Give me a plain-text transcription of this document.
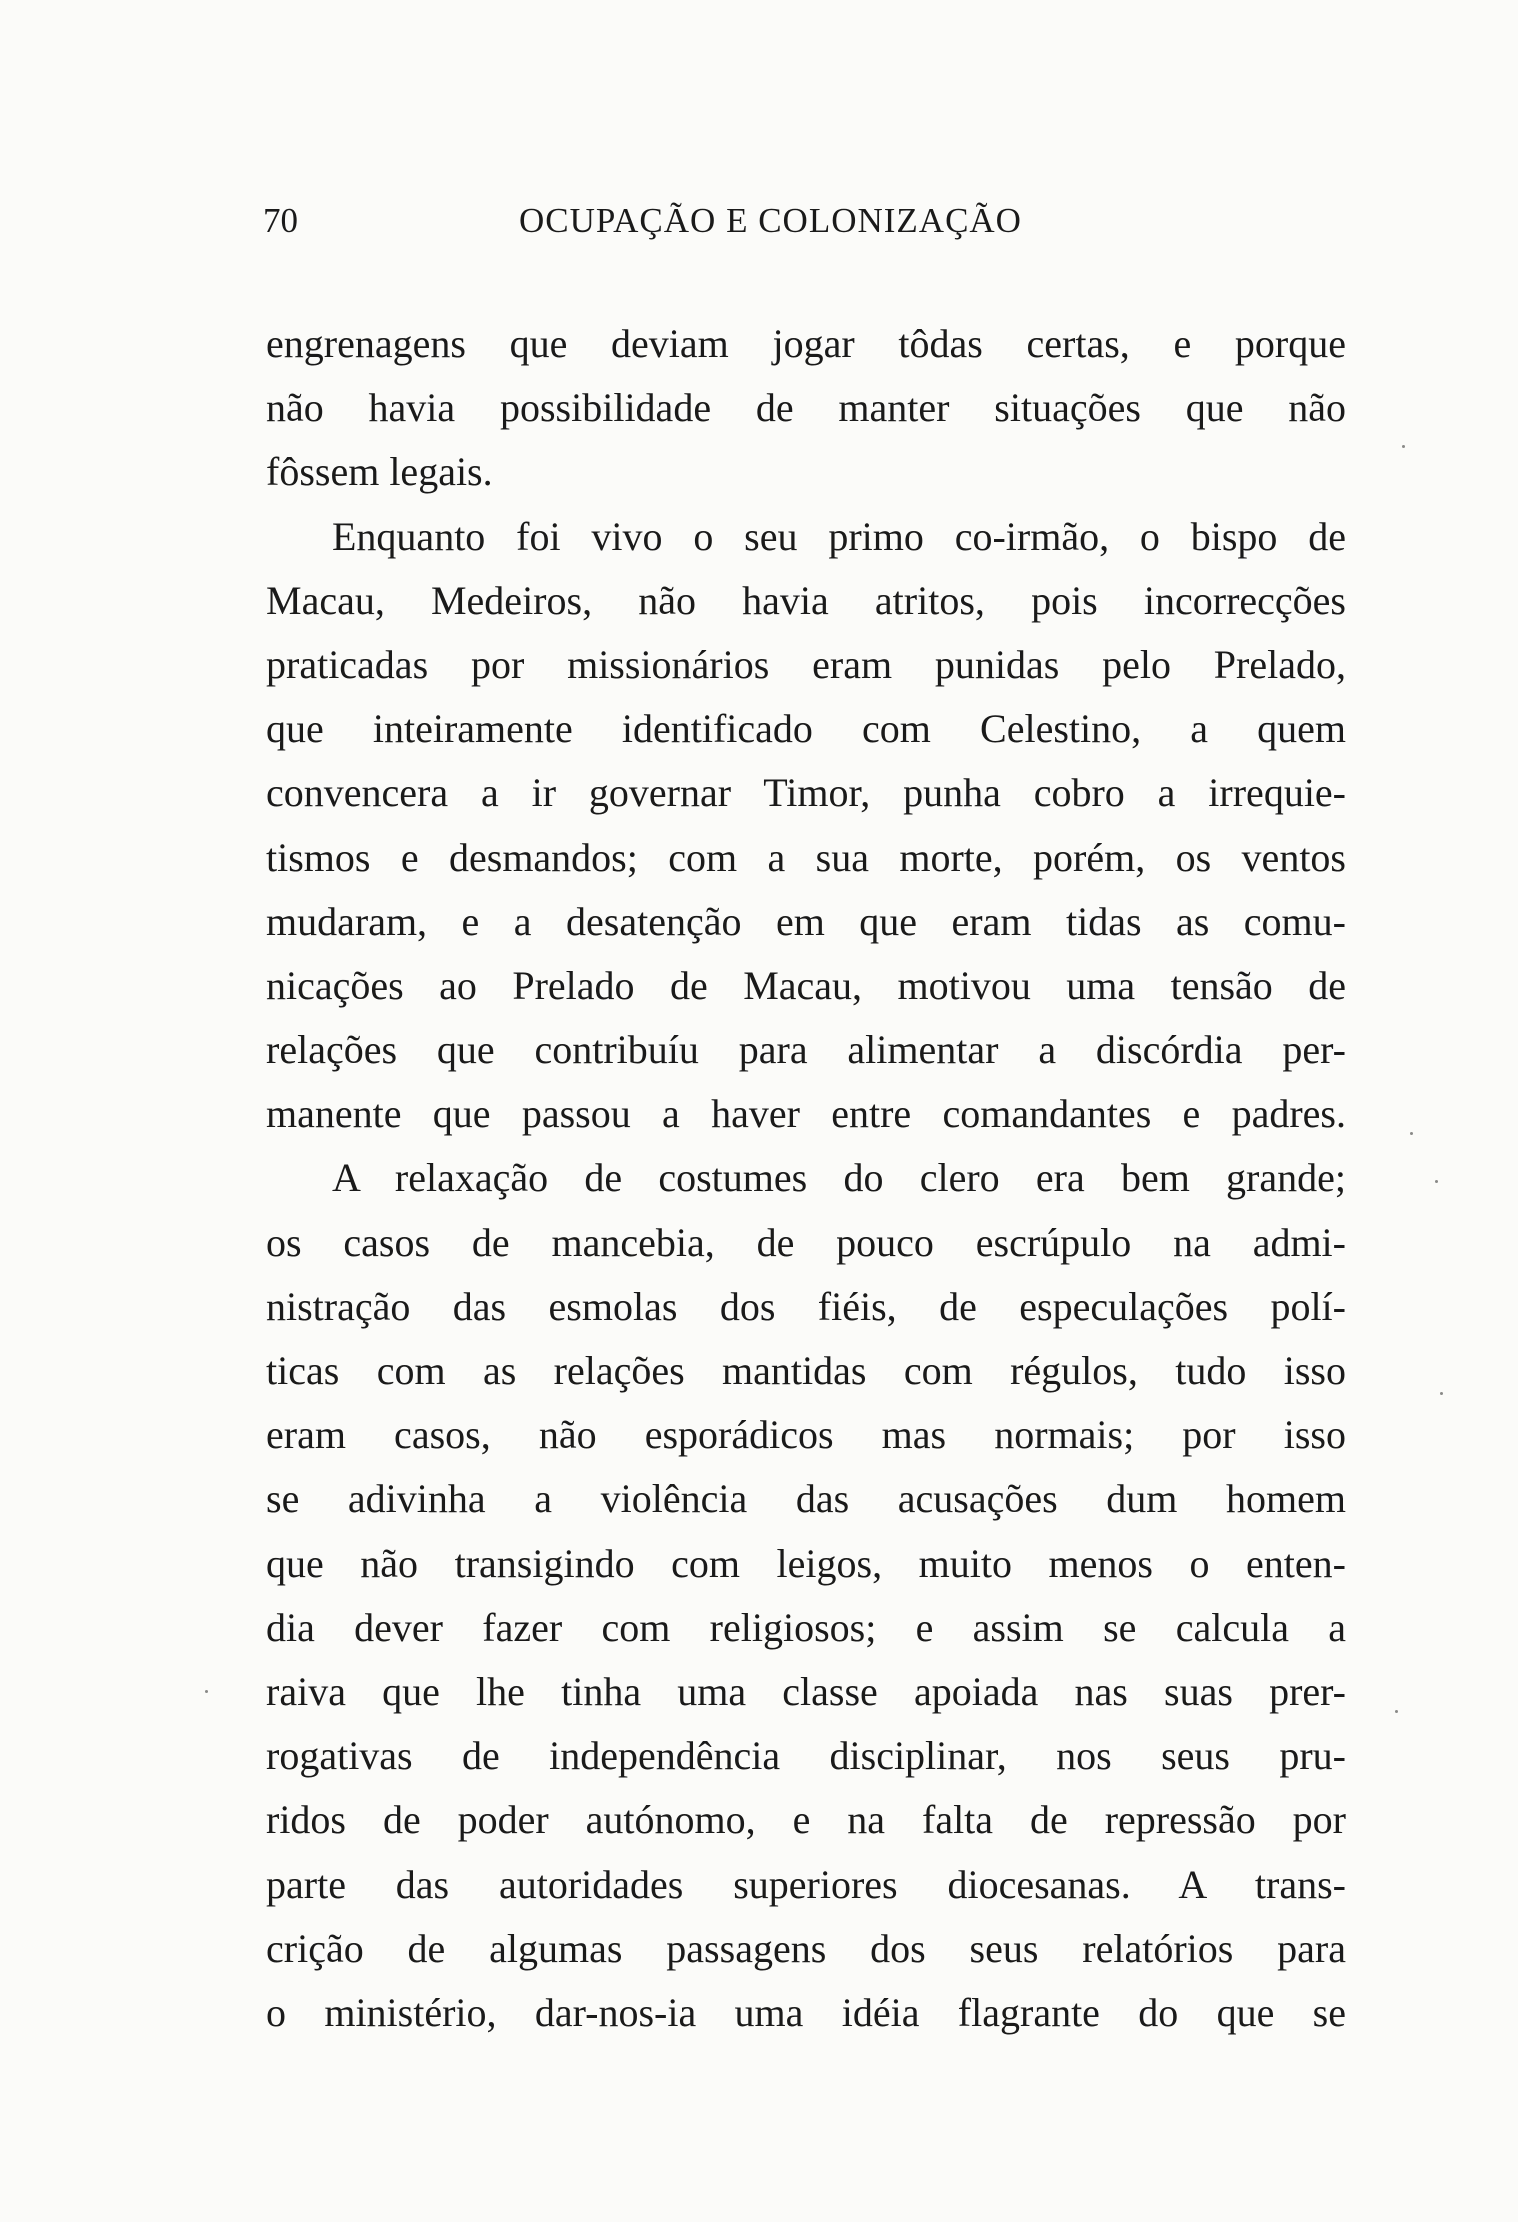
70	OCUPAÇÃO E COLONIZAÇÃO
engrenagens que deviam jogar tôdas certas, e porque
não havia possibilidade de manter situações que não
fôssem legais.
Enquanto foi vivo o seu primo co-irmão, o bispo de
Macau, Medeiros, não havia atritos, pois incorrecções
praticadas por missionários eram punidas pelo Prelado,
que inteiramente identificado com Celestino, a quem
convencera a ir governar Timor, punha cobro a irrequie-
tismos e desmandos; com a sua morte, porém, os ventos
mudaram, e a desatenção em que eram tidas as comu-
nicações ao Prelado de Macau, motivou uma tensão de
relações que contribuíu para alimentar a discórdia per-
manente que passou a haver entre comandantes e padres.
A relaxação de costumes do clero era bem grande;
os casos de mancebia, de pouco escrúpulo na admi-
nistração das esmolas dos fiéis, de especulações polí-
ticas com as relações mantidas com régulos, tudo isso
eram casos, não esporádicos mas normais; por isso
se adivinha a violência das acusações dum homem
que não transigindo com leigos, muito menos o enten-
dia dever fazer com religiosos; e assim se calcula a
raiva que lhe tinha uma classe apoiada nas suas prer-
rogativas de independência disciplinar, nos seus pru-
ridos de poder autónomo, e na falta de repressão por
parte das autoridades superiores diocesanas. A trans-
crição de algumas passagens dos seus relatórios para
o ministério, dar-nos-ia uma idéia flagrante do que se
